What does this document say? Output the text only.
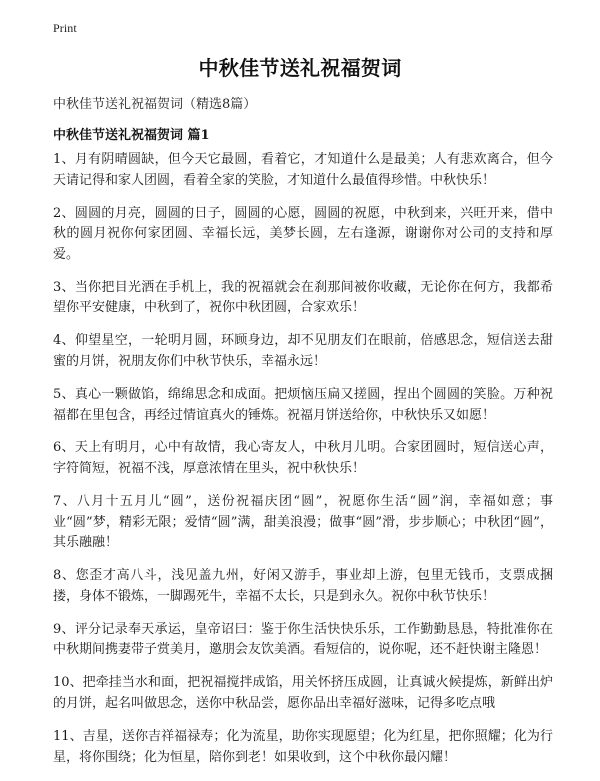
Print
中秋佳节送礼祝福贺词
中秋佳节送礼祝福贺词（精选8篇）
中秋佳节送礼祝福贺词 篇1

1、月有阴晴圆缺，但今天它最圆，看着它，才知道什么是最美；人有悲欢离合，但今天请记得和家人团圆，看着全家的笑脸，才知道什么最值得珍惜。中秋快乐！

2、圆圆的月亮，圆圆的日子，圆圆的心愿，圆圆的祝愿，中秋到来，兴旺开来，借中秋的圆月祝你何家团圆、幸福长远，美梦长圆，左右逢源，谢谢你对公司的支持和厚爱。

3、当你把目光洒在手机上，我的祝福就会在刹那间被你收藏，无论你在何方，我都希望你平安健康，中秋到了，祝你中秋团圆，合家欢乐！

4、仰望星空，一轮明月圆，环顾身边，却不见朋友们在眼前，倍感思念，短信送去甜蜜的月饼，祝朋友你们中秋节快乐，幸福永远！

5、真心一颗做馅，绵绵思念和成面。把烦恼压扁又搓圆，捏出个圆圆的笑脸。万种祝福都在里包含，再经过情谊真火的锤炼。祝福月饼送给你，中秋快乐又如愿！

6、天上有明月，心中有故情，我心寄友人，中秋月儿明。合家团圆时，短信送心声，字符简短，祝福不浅，厚意浓情在里头，祝中秋快乐！

7、八月十五月儿“圆”，送份祝福庆团“圆”，祝愿你生活“圆”润，幸福如意；事业“圆”梦，精彩无限；爱情“圆”满，甜美浪漫；做事“圆”滑，步步顺心；中秋团“圆”，其乐融融！

8、您歪才高八斗，浅见盖九州，好闲又游手，事业却上游，包里无钱币，支票成捆搂，身体不锻炼，一脚踢死牛，幸福不太长，只是到永久。祝你中秋节快乐！

9、评分记录奉天承运，皇帝诏曰：鉴于你生活快快乐乐，工作勤勤恳恳，特批准你在中秋期间携妻带子赏美月，邀朋会友饮美酒。看短信的，说你呢，还不赶快谢主隆恩！

10、把牵挂当水和面，把祝福搅拌成馅，用关怀挤压成圆，让真诚火候提炼，新鲜出炉的月饼，起名叫做思念，送你中秋品尝，愿你品出幸福好滋味，记得多吃点哦

11、吉星，送你吉祥福禄寿；化为流星，助你实现愿望；化为红星，把你照耀；化为行星，将你围绕；化为恒星，陪你到老！如果收到，这个中秋你最闪耀！
